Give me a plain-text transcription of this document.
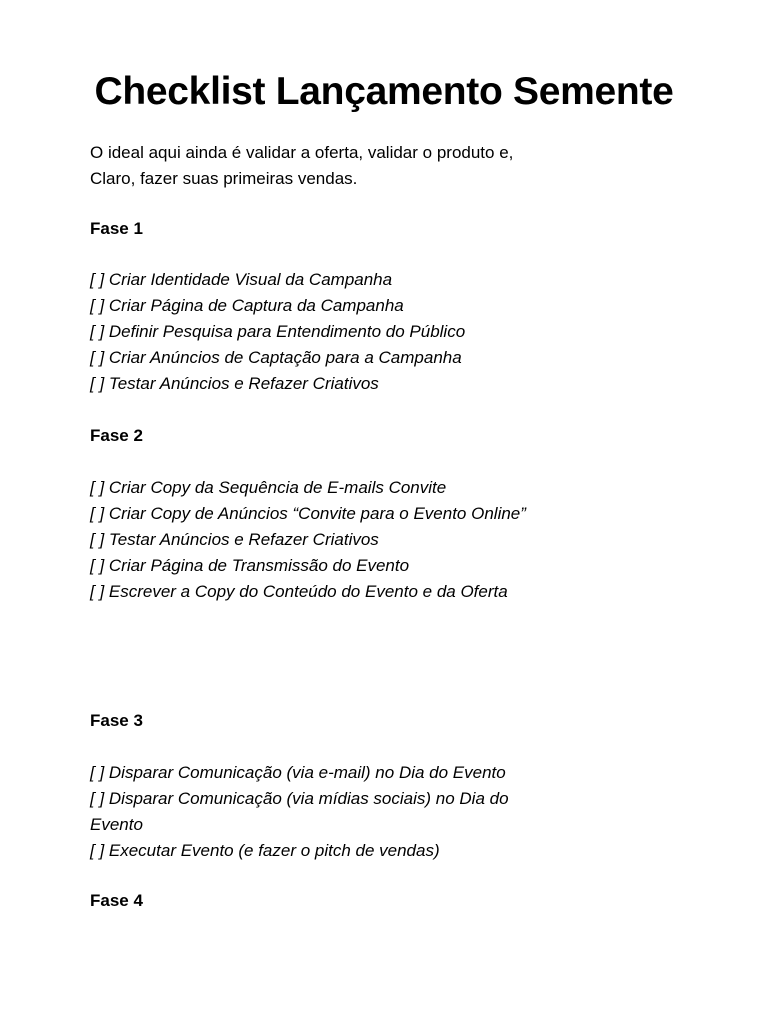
Checklist Lançamento Semente

O ideal aqui ainda é validar a oferta, validar o produto e,
Claro, fazer suas primeiras vendas.

Fase 1

[ ] Criar Identidade Visual da Campanha
[ ] Criar Página de Captura da Campanha
[ ] Definir Pesquisa para Entendimento do Público
[ ] Criar Anúncios de Captação para a Campanha
[ ] Testar Anúncios e Refazer Criativos

Fase 2

[ ] Criar Copy da Sequência de E-mails Convite
[ ] Criar Copy de Anúncios “Convite para o Evento Online”
[ ] Testar Anúncios e Refazer Criativos
[ ] Criar Página de Transmissão do Evento
[ ] Escrever a Copy do Conteúdo do Evento e da Oferta

Fase 3

[ ] Disparar Comunicação (via e-mail) no Dia do Evento
[ ] Disparar Comunicação (via mídias sociais) no Dia do Evento
[ ] Executar Evento (e fazer o pitch de vendas)

Fase 4
